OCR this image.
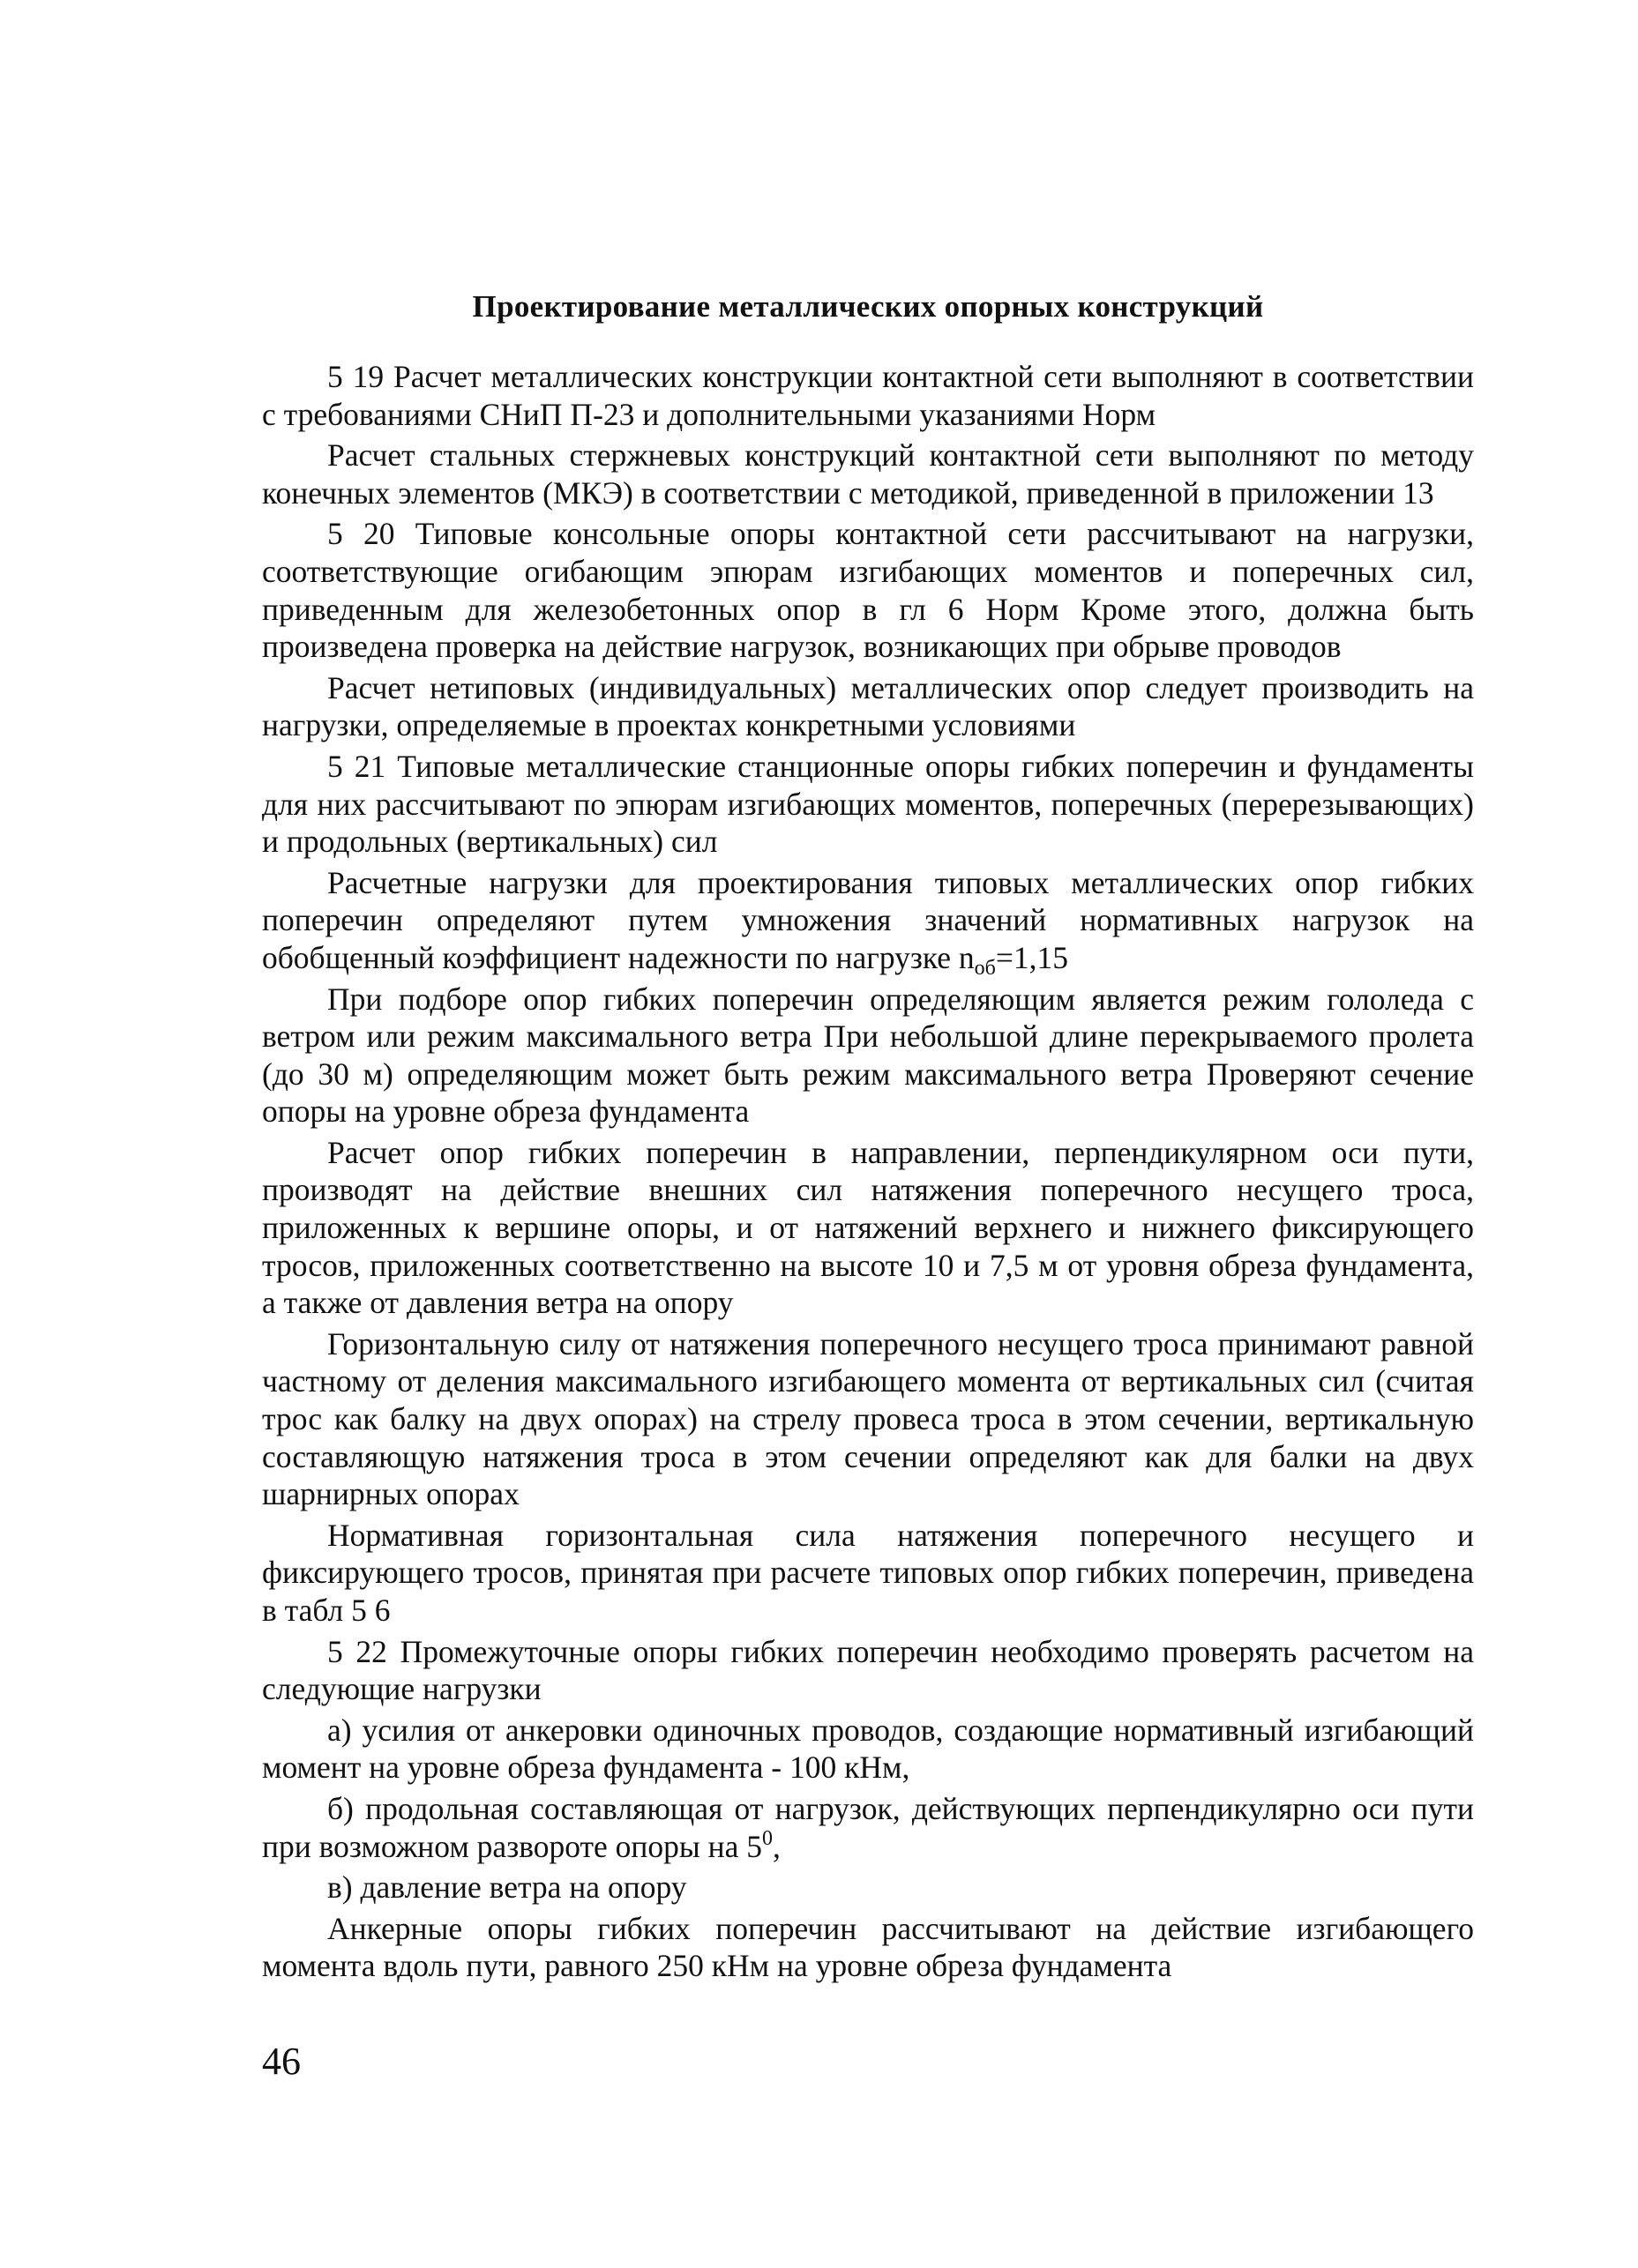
Проектирование металлических опорных конструкций

5 19 Расчет металлических конструкции контактной сети выполняют в соответствии с требованиями СНиП П-23 и дополнительными указаниями Норм

Расчет стальных стержневых конструкций контактной сети выполняют по методу конечных элементов (МКЭ) в соответствии с методикой, приведенной в приложении 13

5 20 Типовые консольные опоры контактной сети рассчитывают на нагрузки, соответствующие огибающим эпюрам изгибающих моментов и поперечных сил, приведенным для железобетонных опор в гл 6 Норм Кроме этого, должна быть произведена проверка на действие нагрузок, возникающих при обрыве проводов

Расчет нетиповых (индивидуальных) металлических опор следует производить на нагрузки, определяемые в проектах конкретными условиями

5 21 Типовые металлические станционные опоры гибких поперечин и фундаменты для них рассчитывают по эпюрам изгибающих моментов, поперечных (перерезывающих) и продольных (вертикальных) сил

Расчетные нагрузки для проектирования типовых металлических опор гибких поперечин определяют путем умножения значений нормативных нагрузок на обобщенный коэффициент надежности по нагрузке $n_{об}=1,15$

При подборе опор гибких поперечин определяющим является режим гололеда с ветром или режим максимального ветра При небольшой длине перекрываемого пролета (до 30 м) определяющим может быть режим максимального ветра Проверяют сечение опоры на уровне обреза фундамента

Расчет опор гибких поперечин в направлении, перпендикулярном оси пути, производят на действие внешних сил натяжения поперечного несущего троса, приложенных к вершине опоры, и от натяжений верхнего и нижнего фиксирующего тросов, приложенных соответственно на высоте 10 и 7,5 м от уровня обреза фундамента, а также от давления ветра на опору

Горизонтальную силу от натяжения поперечного несущего троса принимают равной частному от деления максимального изгибающего момента от вертикальных сил (считая трос как балку на двух опорах) на стрелу провеса троса в этом сечении, вертикальную составляющую натяжения троса в этом сечении определяют как для балки на двух шарнирных опорах

Нормативная горизонтальная сила натяжения поперечного несущего и фиксирующего тросов, принятая при расчете типовых опор гибких поперечин, приведена в табл 5 6

5 22 Промежуточные опоры гибких поперечин необходимо проверять расчетом на следующие нагрузки

а) усилия от анкеровки одиночных проводов, создающие нормативный изгибающий момент на уровне обреза фундамента - 100 кНм,

б) продольная составляющая от нагрузок, действующих перпендикулярно оси пути при возможном развороте опоры на $5^0$,

в) давление ветра на опору

Анкерные опоры гибких поперечин рассчитывают на действие изгибающего момента вдоль пути, равного 250 кНм на уровне обреза фундамента

46
